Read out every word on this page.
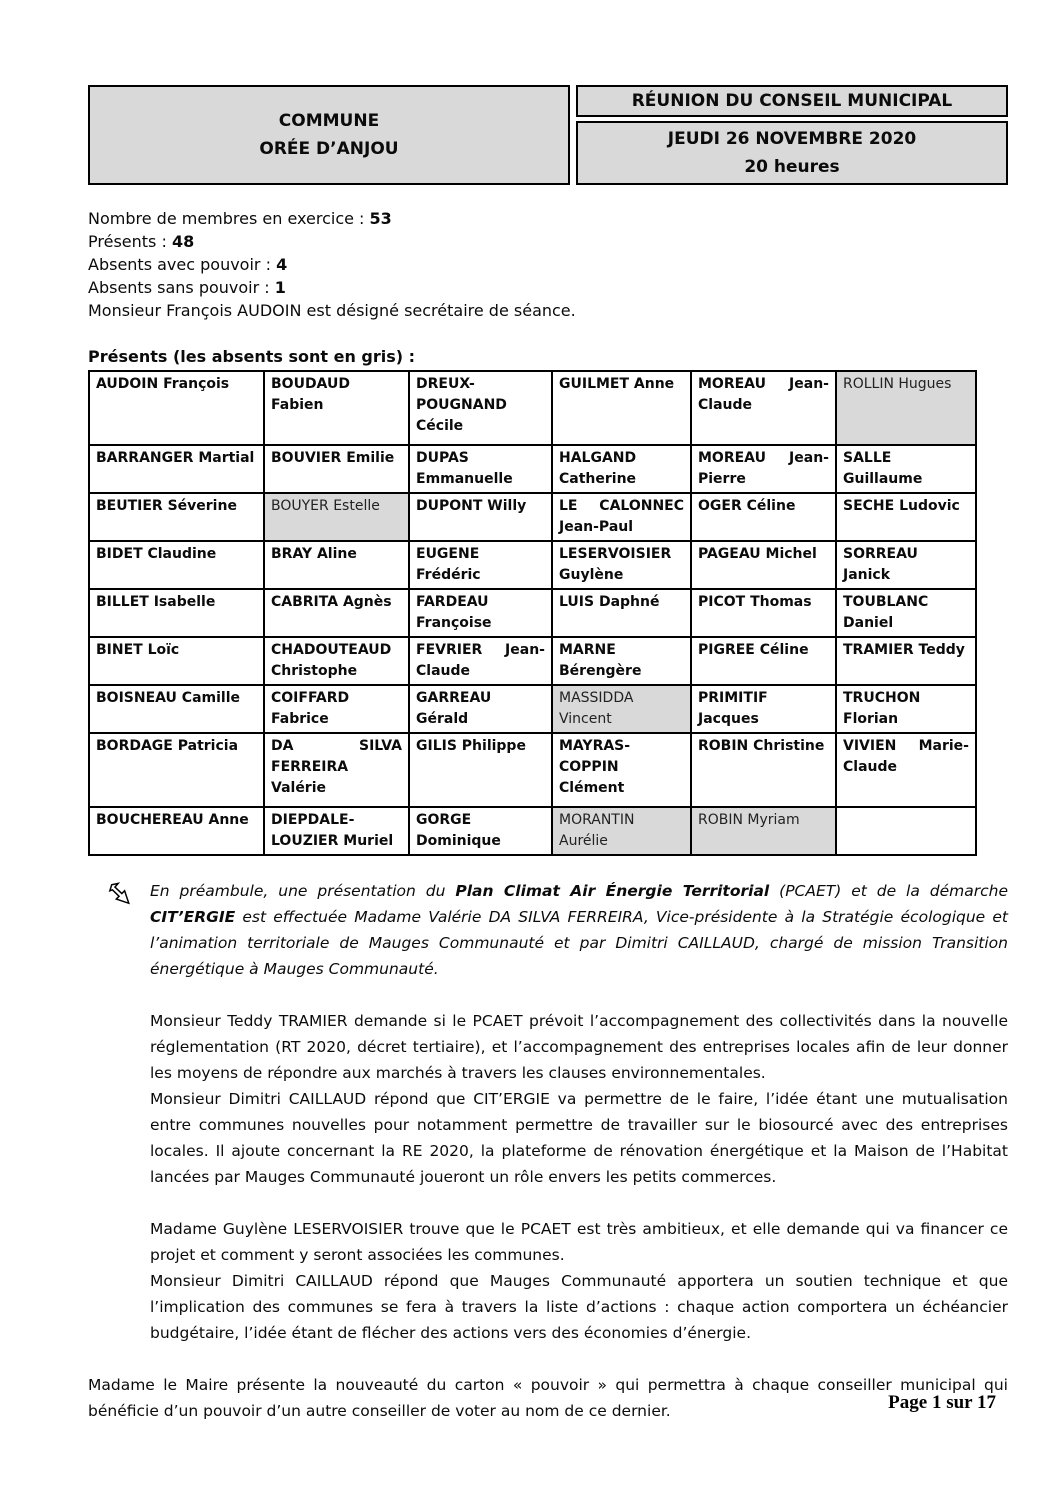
COMMUNE
ORÉE D’ANJOU
RÉUNION DU CONSEIL MUNICIPAL
JEUDI 26 NOVEMBRE 2020
20 heures
Nombre de membres en exercice : 53
Présents : 48
Absents avec pouvoir : 4
Absents sans pouvoir : 1
Monsieur François AUDOIN est désigné secrétaire de séance.
Présents (les absents sont en gris) :
AUDOIN François	BOUDAUD Fabien	DREUX-POUGNAND Cécile	GUILMET Anne	MOREAU Jean-Claude	ROLLIN Hugues
BARRANGER Martial	BOUVIER Emilie	DUPAS Emmanuelle	HALGAND Catherine	MOREAU Jean-Pierre	SALLE Guillaume
BEUTIER Séverine	BOUYER Estelle	DUPONT Willy	LE CALONNEC Jean-Paul	OGER Céline	SECHE Ludovic
BIDET Claudine	BRAY Aline	EUGENE Frédéric	LESERVOISIER Guylène	PAGEAU Michel	SORREAU Janick
BILLET Isabelle	CABRITA Agnès	FARDEAU Françoise	LUIS Daphné	PICOT Thomas	TOUBLANC Daniel
BINET Loïc	CHADOUTEAUD Christophe	FEVRIER Jean-Claude	MARNE Bérengère	PIGREE Céline	TRAMIER Teddy
BOISNEAU Camille	COIFFARD Fabrice	GARREAU Gérald	MASSIDDA Vincent	PRIMITIF Jacques	TRUCHON Florian
BORDAGE Patricia	DA SILVA FERREIRA Valérie	GILIS Philippe	MAYRAS-COPPIN Clément	ROBIN Christine	VIVIEN Marie-Claude
BOUCHEREAU Anne	DIEPDALE-LOUZIER Muriel	GORGE Dominique	MORANTIN Aurélie	ROBIN Myriam	

En préambule, une présentation du Plan Climat Air Énergie Territorial (PCAET) et de la démarche CIT’ERGIE est effectuée Madame Valérie DA SILVA FERREIRA, Vice-présidente à la Stratégie écologique et l’animation territoriale de Mauges Communauté et par Dimitri CAILLAUD, chargé de mission Transition énergétique à Mauges Communauté.

Monsieur Teddy TRAMIER demande si le PCAET prévoit l’accompagnement des collectivités dans la nouvelle réglementation (RT 2020, décret tertiaire), et l’accompagnement des entreprises locales afin de leur donner les moyens de répondre aux marchés à travers les clauses environnementales.

Monsieur Dimitri CAILLAUD répond que CIT’ERGIE va permettre de le faire, l’idée étant une mutualisation entre communes nouvelles pour notamment permettre de travailler sur le biosourcé avec des entreprises locales. Il ajoute concernant la RE 2020, la plateforme de rénovation énergétique et la Maison de l’Habitat lancées par Mauges Communauté joueront un rôle envers les petits commerces.

Madame Guylène LESERVOISIER trouve que le PCAET est très ambitieux, et elle demande qui va financer ce projet et comment y seront associées les communes.

Monsieur Dimitri CAILLAUD répond que Mauges Communauté apportera un soutien technique et que l’implication des communes se fera à travers la liste d’actions : chaque action comportera un échéancier budgétaire, l’idée étant de flécher des actions vers des économies d’énergie.

Madame le Maire présente la nouveauté du carton « pouvoir » qui permettra à chaque conseiller municipal qui bénéficie d’un pouvoir d’un autre conseiller de voter au nom de ce dernier.	Page 1 sur 17
